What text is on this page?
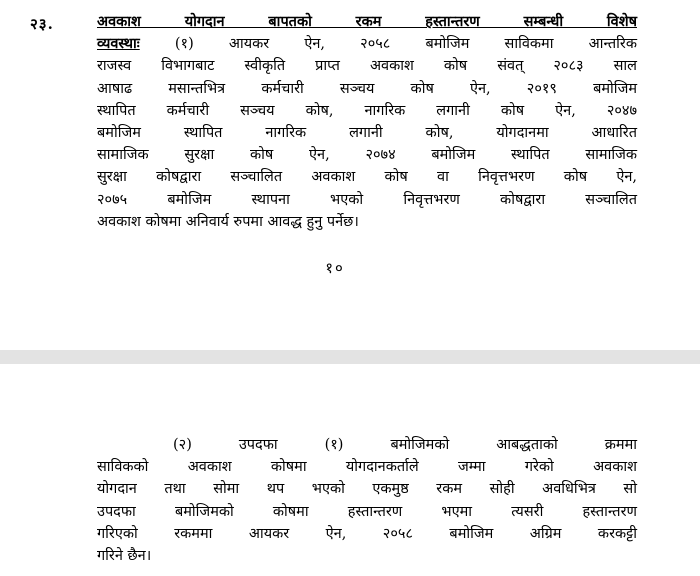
२३.	अवकाश योगदान बापतको रकम हस्तान्तरण सम्बन्धी विशेष
व्यवस्थाः (१) आयकर ऐन, २०५८ बमोजिम साविकमा आन्तरिक
राजस्व विभागबाट स्वीकृति प्राप्त अवकाश कोष संवत् २०८३ साल
आषाढ मसान्तभित्र कर्मचारी सञ्चय कोष ऐन, २०१९ बमोजिम
स्थापित कर्मचारी सञ्चय कोष, नागरिक लगानी कोष ऐन, २०४७
बमोजिम स्थापित नागरिक लगानी कोष, योगदानमा आधारित
सामाजिक सुरक्षा कोष ऐन, २०७४ बमोजिम स्थापित सामाजिक
सुरक्षा कोषद्वारा सञ्चालित अवकाश कोष वा निवृत्तभरण कोष ऐन,
२०७५ बमोजिम स्थापना भएको निवृत्तभरण कोषद्वारा सञ्चालित
अवकाश कोषमा अनिवार्य रुपमा आवद्ध हुनु पर्नेछ।
१०
(२) उपदफा (१) बमोजिमको आबद्धताको क्रममा
साविकको अवकाश कोषमा योगदानकर्ताले जम्मा गरेको अवकाश
योगदान तथा सोमा थप भएको एकमुष्ठ रकम सोही अवधिभित्र सो
उपदफा बमोजिमको कोषमा हस्तान्तरण भएमा त्यसरी हस्तान्तरण
गरिएको रकममा आयकर ऐन, २०५८ बमोजिम अग्रिम करकट्टी
गरिने छैन।
